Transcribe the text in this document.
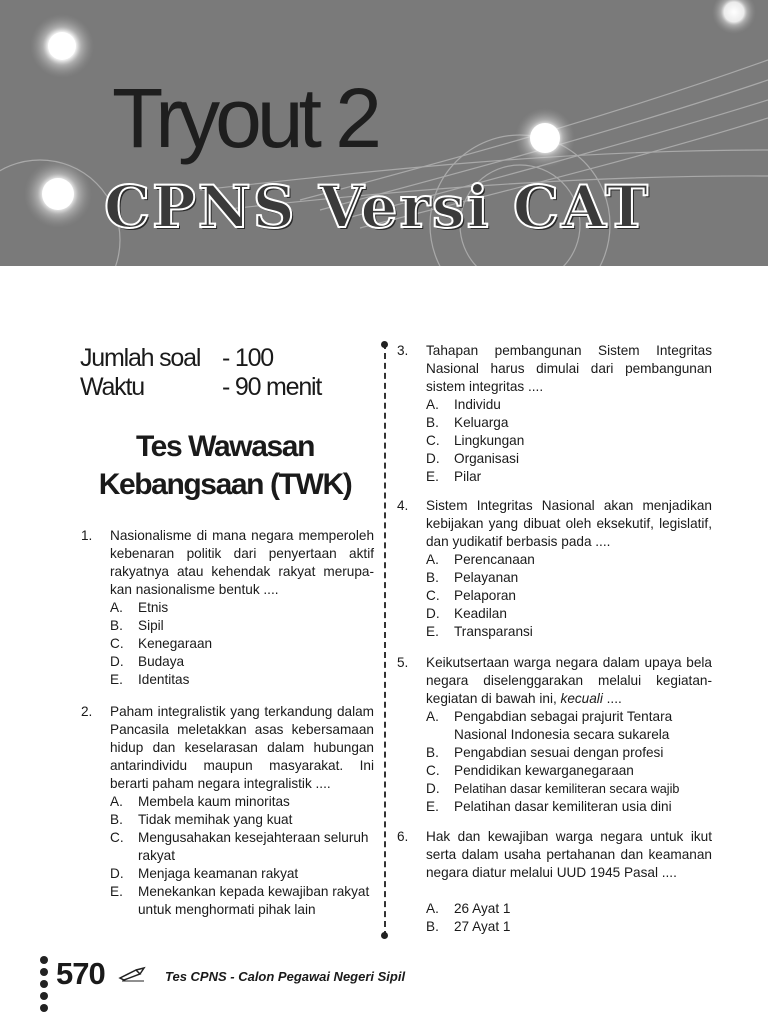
Tryout 2
CPNS Versi CAT
Jumlah soal - 100
Waktu	- 90 menit
Tes Wawasan
Kebangsaan (TWK)
1. Nasionalisme di mana negara memperoleh kebenaran politik dari penyertaan aktif rakyatnya atau kehendak rakyat merupa-kan nasionalisme bentuk ....
A. Etnis
B. Sipil
C. Kenegaraan
D. Budaya
E. Identitas
2. Paham integralistik yang terkandung dalam Pancasila meletakkan asas kebersamaan hidup dan keselarasan dalam hubungan antarindividu maupun masyarakat. Ini berarti paham negara integralistik ....
A. Membela kaum minoritas
B. Tidak memihak yang kuat
C. Mengusahakan kesejahteraan seluruh rakyat
D. Menjaga keamanan rakyat
E. Menekankan kepada kewajiban rakyat untuk menghormati pihak lain
3. Tahapan pembangunan Sistem Integritas Nasional harus dimulai dari pembangunan sistem integritas ....
A. Individu
B. Keluarga
C. Lingkungan
D. Organisasi
E. Pilar
4. Sistem Integritas Nasional akan menjadikan kebijakan yang dibuat oleh eksekutif, legislatif, dan yudikatif berbasis pada ....
A. Perencanaan
B. Pelayanan
C. Pelaporan
D. Keadilan
E. Transparansi
5. Keikutsertaan warga negara dalam upaya bela negara diselenggarakan melalui kegiatan-kegiatan di bawah ini, kecuali ....
A. Pengabdian sebagai prajurit Tentara Nasional Indonesia secara sukarela
B. Pengabdian sesuai dengan profesi
C. Pendidikan kewarganegaraan
D. Pelatihan dasar kemiliteran secara wajib
E. Pelatihan dasar kemiliteran usia dini
6. Hak dan kewajiban warga negara untuk ikut serta dalam usaha pertahanan dan keamanan negara diatur melalui UUD 1945 Pasal ....
A. 26 Ayat 1
B. 27 Ayat 1
570	Tes CPNS - Calon Pegawai Negeri Sipil
